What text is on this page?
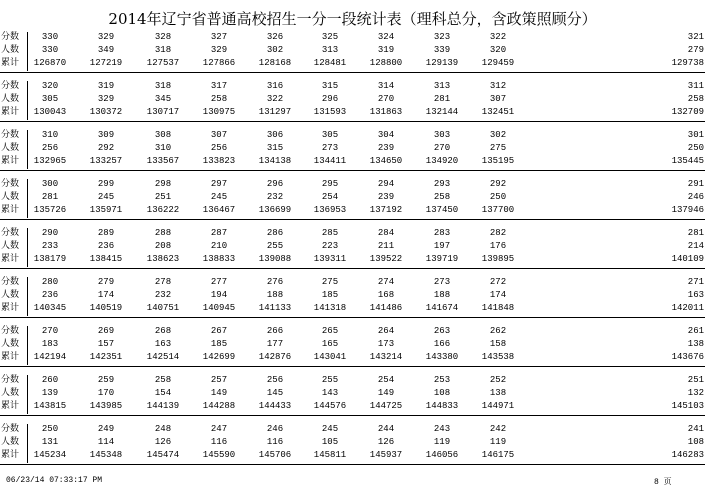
2014年辽宁省普通高校招生一分一段统计表（理科总分，含政策照顾分）
分数	330	329	328	327	326	325	324	323	322	321
人数	330	349	318	329	302	313	319	339	320	279
累计	126870	127219	127537	127866	128168	128481	128800	129139	129459	129738
分数	320	319	318	317	316	315	314	313	312	311
人数	305	329	345	258	322	296	270	281	307	258
累计	130043	130372	130717	130975	131297	131593	131863	132144	132451	132709
分数	310	309	308	307	306	305	304	303	302	301
人数	256	292	310	256	315	273	239	270	275	250
累计	132965	133257	133567	133823	134138	134411	134650	134920	135195	135445
分数	300	299	298	297	296	295	294	293	292	291
人数	281	245	251	245	232	254	239	258	250	246
累计	135726	135971	136222	136467	136699	136953	137192	137450	137700	137946
分数	290	289	288	287	286	285	284	283	282	281
人数	233	236	208	210	255	223	211	197	176	214
累计	138179	138415	138623	138833	139088	139311	139522	139719	139895	140109
分数	280	279	278	277	276	275	274	273	272	271
人数	236	174	232	194	188	185	168	188	174	163
累计	140345	140519	140751	140945	141133	141318	141486	141674	141848	142011
分数	270	269	268	267	266	265	264	263	262	261
人数	183	157	163	185	177	165	173	166	158	138
累计	142194	142351	142514	142699	142876	143041	143214	143380	143538	143676
分数	260	259	258	257	256	255	254	253	252	251
人数	139	170	154	149	145	143	149	108	138	132
累计	143815	143985	144139	144288	144433	144576	144725	144833	144971	145103
分数	250	249	248	247	246	245	244	243	242	241
人数	131	114	126	116	116	105	126	119	119	108
累计	145234	145348	145474	145590	145706	145811	145937	146056	146175	146283
06/23/14 07:33:17 PM	8 页
